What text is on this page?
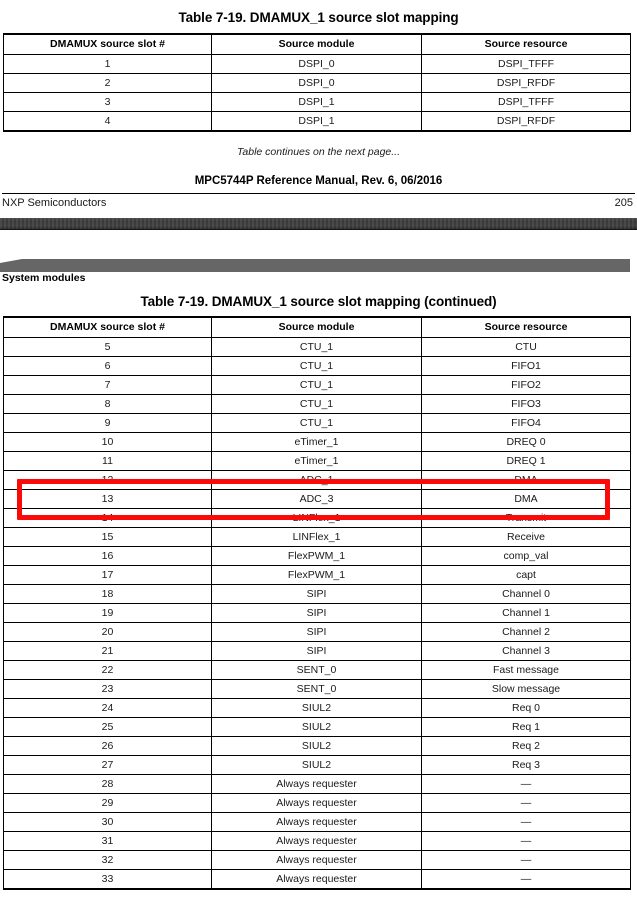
Table 7-19. DMAMUX_1 source slot mapping
DMAMUX source slot #	Source module	Source resource
1	DSPI_0	DSPI_TFFF
2	DSPI_0	DSPI_RFDF
3	DSPI_1	DSPI_TFFF
4	DSPI_1	DSPI_RFDF
Table continues on the next page...
MPC5744P Reference Manual, Rev. 6, 06/2016
NXP Semiconductors	205
System modules
Table 7-19. DMAMUX_1 source slot mapping (continued)
DMAMUX source slot #	Source module	Source resource
5	CTU_1	CTU
6	CTU_1	FIFO1
7	CTU_1	FIFO2
8	CTU_1	FIFO3
9	CTU_1	FIFO4
10	eTimer_1	DREQ 0
11	eTimer_1	DREQ 1
12	ADC_1	DMA
13	ADC_3	DMA
14	LINFlex_1	Transmit
15	LINFlex_1	Receive
16	FlexPWM_1	comp_val
17	FlexPWM_1	capt
18	SIPI	Channel 0
19	SIPI	Channel 1
20	SIPI	Channel 2
21	SIPI	Channel 3
22	SENT_0	Fast message
23	SENT_0	Slow message
24	SIUL2	Req 0
25	SIUL2	Req 1
26	SIUL2	Req 2
27	SIUL2	Req 3
28	Always requester	—
29	Always requester	—
30	Always requester	—
31	Always requester	—
32	Always requester	—
33	Always requester	—
